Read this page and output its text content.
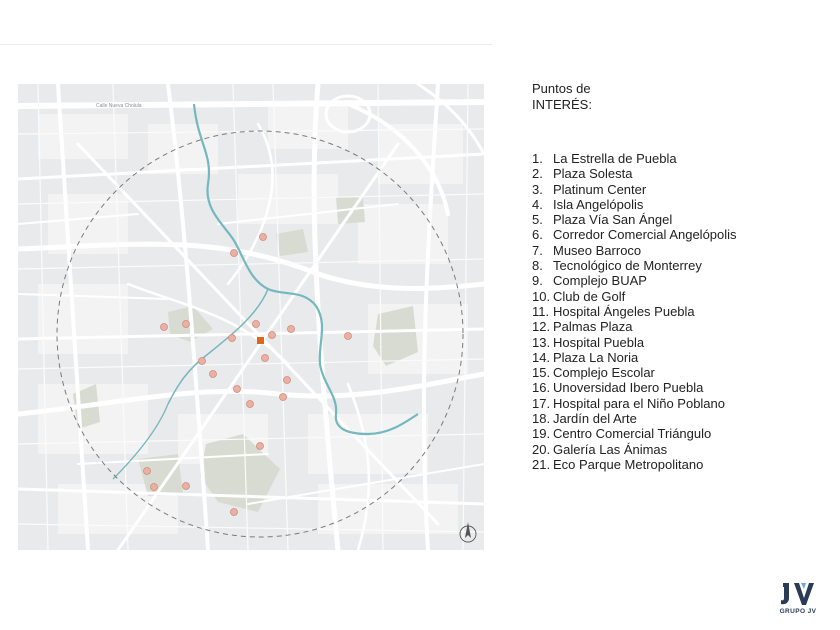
Calle Nueva Cholula
Puntos de
INTERÉS:
1. La Estrella de Puebla
2. Plaza Solesta
3. Platinum Center
4. Isla Angelópolis
5. Plaza Vía San Ángel
6. Corredor Comercial Angelópolis
7. Museo Barroco
8. Tecnológico de Monterrey
9. Complejo BUAP
10. Club de Golf
11. Hospital Ángeles Puebla
12. Palmas Plaza
13. Hospital Puebla
14. Plaza La Noria
15. Complejo Escolar
16. Unoversidad Ibero Puebla
17. Hospital para el Niño Poblano
18. Jardín del Arte
19. Centro Comercial Triángulo
20. Galería Las Ánimas
21. Eco Parque Metropolitano
GRUPO JV
